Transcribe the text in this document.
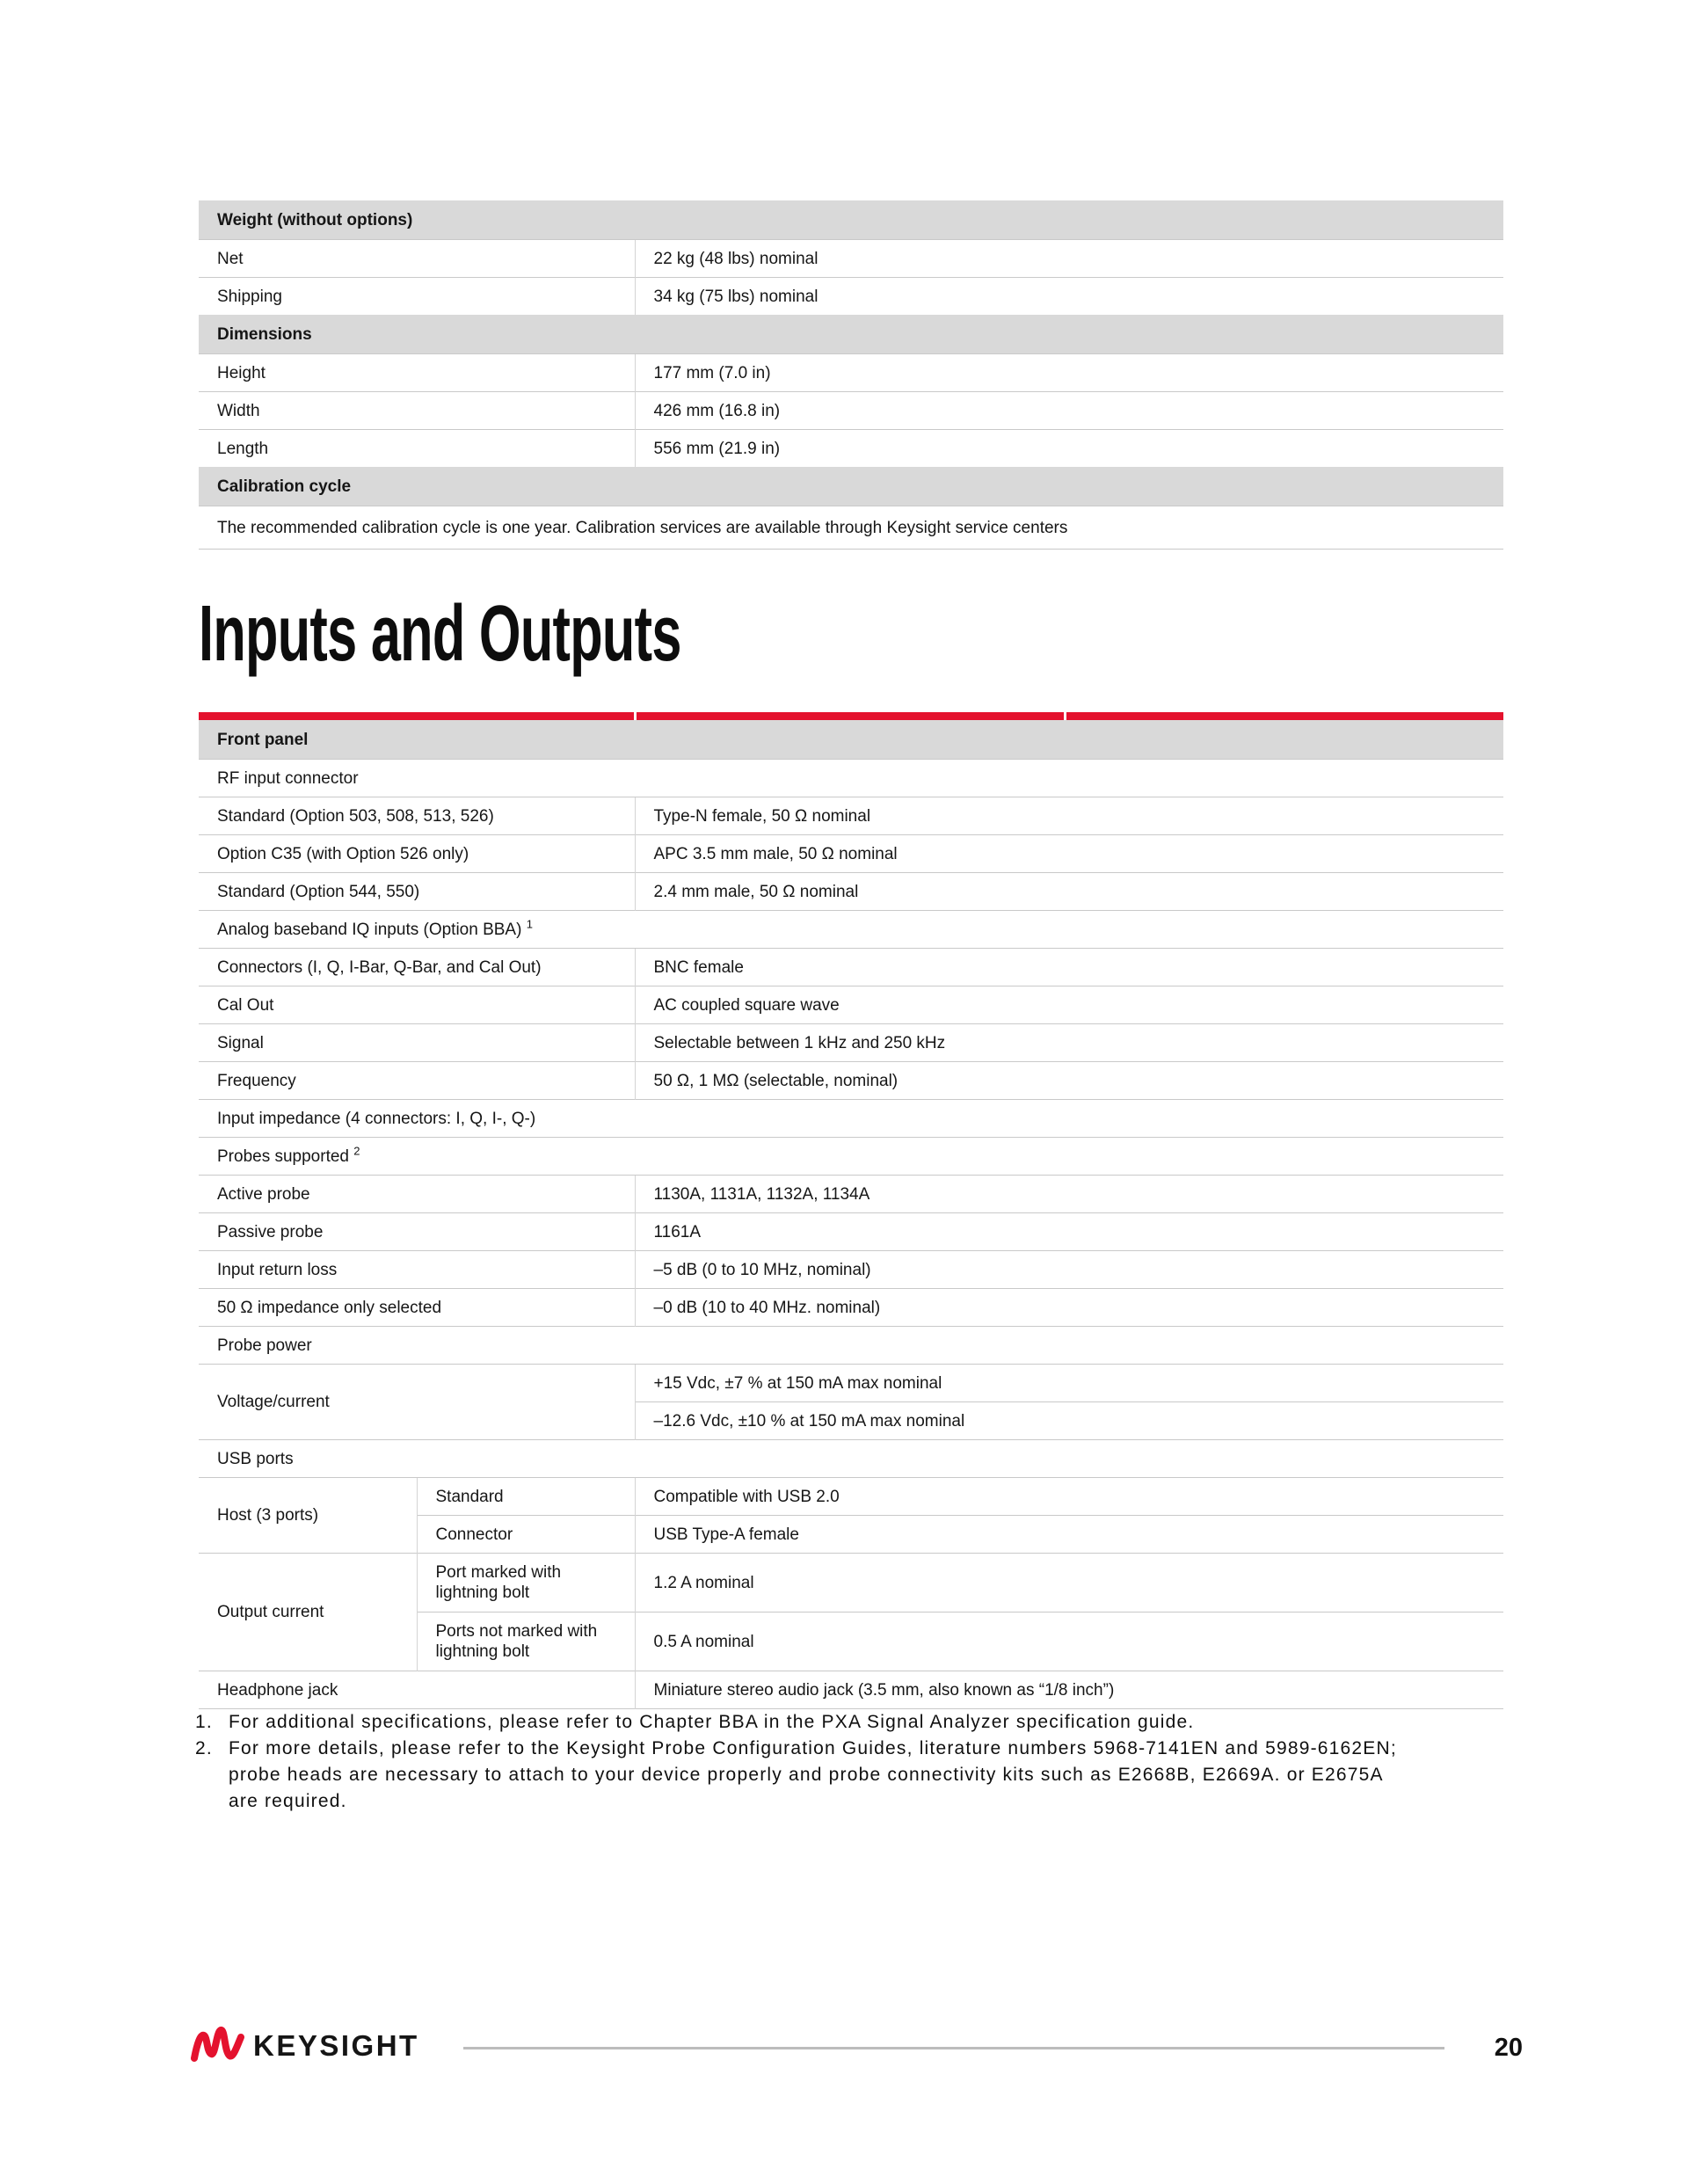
Weight (without options)	
Net	22 kg (48 lbs) nominal
Shipping	34 kg (75 lbs) nominal
Dimensions	
Height	177 mm (7.0 in)
Width	426 mm (16.8 in)
Length	556 mm (21.9 in)
Calibration cycle	
The recommended calibration cycle is one year. Calibration services are available through Keysight service centers	
Inputs and Outputs
Front panel		
RF input connector		
Standard (Option 503, 508, 513, 526)		Type-N female, 50 Ω nominal
Option C35 (with Option 526 only)		APC 3.5 mm male, 50 Ω nominal
Standard (Option 544, 550)		2.4 mm male, 50 Ω nominal
Analog baseband IQ inputs (Option BBA) $^1$
Connectors (I, Q, I-Bar, Q-Bar, and Cal Out)		BNC female
Cal Out		AC coupled square wave
Signal		Selectable between 1 kHz and 250 kHz
Frequency		50 Ω, 1 MΩ (selectable, nominal)
Input impedance (4 connectors: I, Q, I-, Q-)		
Probes supported $^2$
Active probe		1130A, 1131A, 1132A, 1134A
Passive probe		1161A
Input return loss		–5 dB (0 to 10 MHz, nominal)
50 Ω impedance only selected		–0 dB (10 to 40 MHz. nominal)
Probe power		
Voltage/current		+15 Vdc, ±7 % at 150 mA max nominal
		–12.6 Vdc, ±10 % at 150 mA max nominal
USB ports		
Host (3 ports)	Standard	Compatible with USB 2.0
	Connector	USB Type-A female
Output current	Port marked with lightning bolt	1.2 A nominal
	Ports not marked with lightning bolt	0.5 A nominal
Headphone jack		Miniature stereo audio jack (3.5 mm, also known as “1/8 inch”)
1. For additional specifications, please refer to Chapter BBA in the PXA Signal Analyzer specification guide.
2. For more details, please refer to the Keysight Probe Configuration Guides, literature numbers 5968-7141EN and 5989-6162EN;
probe heads are necessary to attach to your device properly and probe connectivity kits such as E2668B, E2669A. or E2675A
are required.
KEYSIGHT	20
